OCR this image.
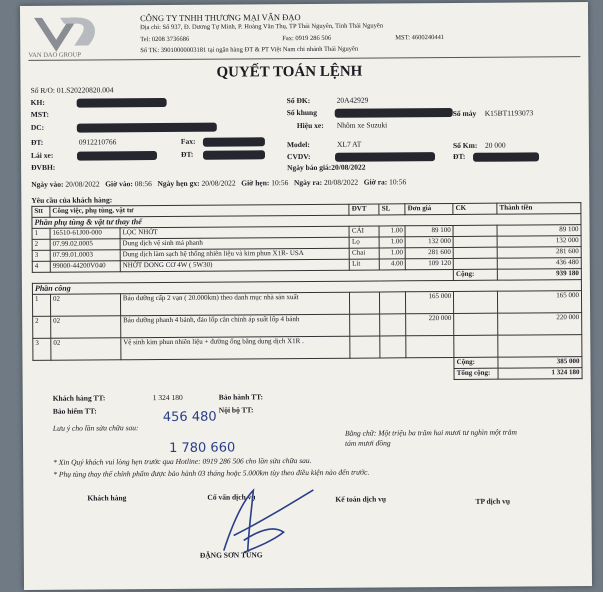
VAN DAO GROUP
CÔNG TY TNHH THƯƠNG MẠI VÂN ĐẠO
Địa chỉ: Số 937, Đ. Dương Tự Minh, P. Hoàng Văn Thụ, TP Thái Nguyên, Tỉnh Thái Nguyên
Tel: 0208 3736686	Fax: 0919 286 506	MST: 4600240441
Số TK: 39010000003181 tại ngân hàng ĐT & PT Việt Nam chi nhánh Thái Nguyên
QUYẾT TOÁN LỆNH
Số R/O: 01.S20220820.004
KH:
MST:
DC:
ĐT:	0912210766	Fax:
Lái xe:	ĐT:
ĐVBH:
Số ĐK:	20A42929
Số khung
Hiệu xe: Nhôm xe Suzuki
Model:	XL7 AT
CVDV:
Ngày báo giá:20/08/2022
Số máy K15BT1193073
Số Km: 20 000
ĐT:
Ngày vào: 20/08/2022 Giờ vào: 08:56 Ngày hẹn gx: 20/08/2022 Giờ hẹn: 10:56 Ngày ra: 20/08/2022 Giờ ra: 10:56
Yêu cầu của khách hàng:
Stt	Công việc, phụ tùng, vật tư		ĐVT	SL	Đơn giá	CK	Thành tiền
Phần phụ tùng & vật tư thay thế							
1	16510-61J00-000	LỌC NHỚT	CÁI	1.00	89 100		89 100
2	07.99.02.0005	Dung dịch vệ sinh má phanh	Lọ	1.00	132 000		132 000
3	07.99.01.0003	Dung dịch làm sạch hệ thống nhiên liệu và kim phun X1R- USA	Chai	1.00	281 600		281 600
4	99000-44200V040	NHỚT DONG CƠ 4W ( 5W30)	Lít	4.00	109 120		436 480
						Cộng:	939 180
Phần công							
1	02	Bảo dưỡng cấp 2 vạn ( 20.000km) theo danh mục nhà sản xuất			165 000		165 000
2	02	Bảo dưỡng phanh 4 bánh, đảo lốp cân chỉnh áp suất lốp 4 bánh			220 000		220 000
3	02	Vệ sinh kim phun nhiên liệu + đường ống bằng dung dịch X1R .					
						Cộng:	385 000
						Tổng cộng:	1 324 180
Khách hàng TT:	1 324 180	Bảo hành TT:
Bảo hiểm TT:	Nội bộ TT:
Lưu ý cho lần sửa chữa sau:	Bằng chữ: Một triệu ba trăm hai mươi tư nghìn một trăm
tám mươi đồng
456 480
1 780 660
* Xin Quý khách vui lòng hẹn trước qua Hotline: 0919 286 506 cho lần sửa chữa sau.
* Phụ tùng thay thế chính phẩm được bảo hành 03 tháng hoặc 5.000km tùy theo điều kiện nào đến trước.
Khách hàng	Cố vấn dịch vụ	Kế toán dịch vụ	TP dịch vụ
ĐẶNG SƠN TÙNG
